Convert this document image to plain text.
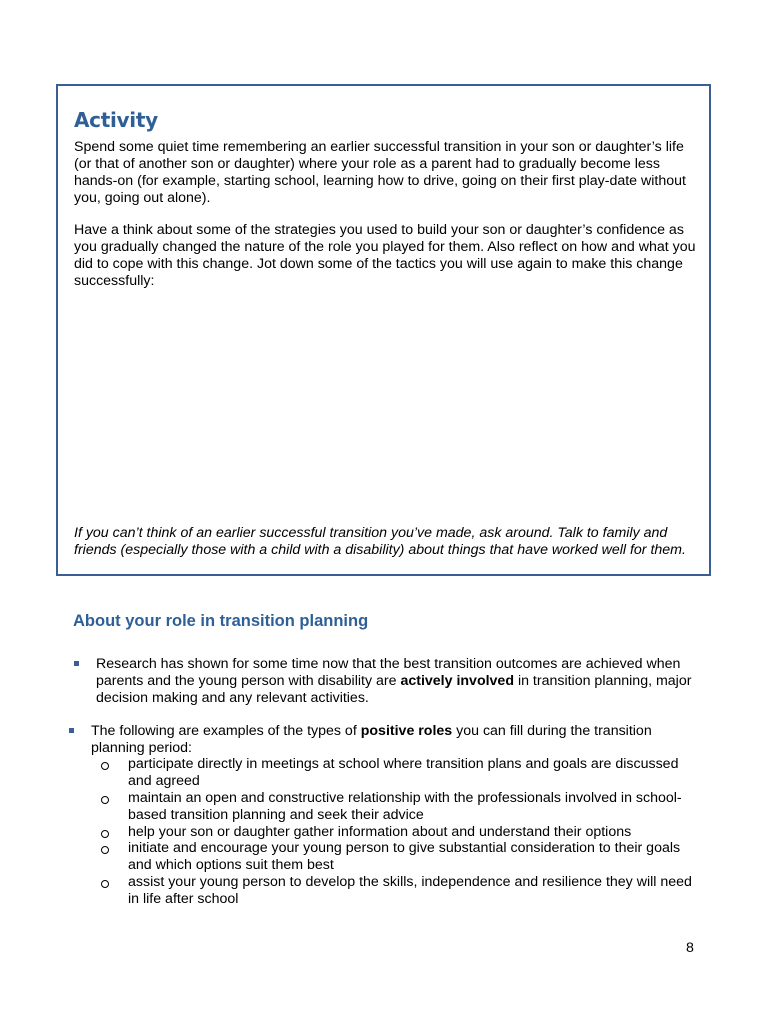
Activity

Spend some quiet time remembering an earlier successful transition in your son or daughter’s life (or that of another son or daughter) where your role as a parent had to gradually become less hands-on (for example, starting school, learning how to drive, going on their first play-date without you, going out alone).

Have a think about some of the strategies you used to build your son or daughter’s confidence as you gradually changed the nature of the role you played for them. Also reflect on how and what you did to cope with this change. Jot down some of the tactics you will use again to make this change successfully:

If you can’t think of an earlier successful transition you’ve made, ask around. Talk to family and friends (especially those with a child with a disability) about things that have worked well for them.

About your role in transition planning
Research has shown for some time now that the best transition outcomes are achieved when parents and the young person with disability are actively involved in transition planning, major decision making and any relevant activities.
The following are examples of the types of positive roles you can fill during the transition planning period:
participate directly in meetings at school where transition plans and goals are discussed and agreed
maintain an open and constructive relationship with the professionals involved in school-based transition planning and seek their advice
help your son or daughter gather information about and understand their options
initiate and encourage your young person to give substantial consideration to their goals and which options suit them best
assist your young person to develop the skills, independence and resilience they will need in life after school
8
